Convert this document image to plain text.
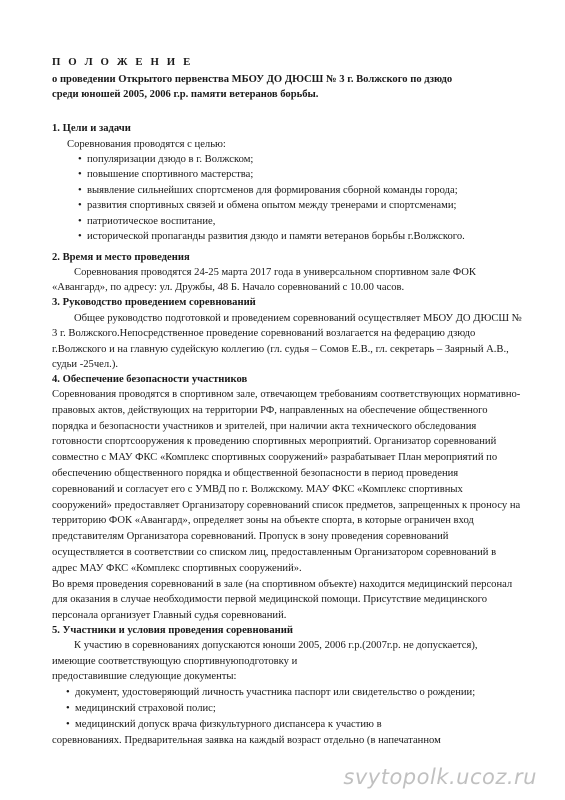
П О Л О Ж Е Н И Е

о проведении Открытого первенства МБОУ ДО ДЮСШ № 3 г. Волжского по дзюдо

среди юношей 2005, 2006 г.р. памяти ветеранов борьбы.

1. Цели и задачи

Соревнования проводятся с целью:

• популяризации дзюдо в г. Волжском;
• повышение спортивного мастерства;
• выявление сильнейших спортсменов для формирования сборной команды города;
• развития спортивных связей и обмена опытом между тренерами и спортсменами;
• патриотическое воспитание,
• исторической пропаганды развития дзюдо и памяти ветеранов борьбы г.Волжского.

2. Время и место проведения

Соревнования проводятся 24-25 марта 2017 года в универсальном спортивном зале ФОК «Авангард», по адресу: ул. Дружбы, 48 Б. Начало соревнований с 10.00 часов.

3. Руководство проведением соревнований

Общее руководство подготовкой и проведением соревнований осуществляет МБОУ ДО ДЮСШ № 3 г. Волжского.Непосредственное проведение соревнований возлагается на федерацию дзюдо г.Волжского и на главную судейскую коллегию (гл. судья – Сомов Е.В., гл. секретарь – Заярный А.В., судьи -25чел.).

4. Обеспечение безопасности участников

Соревнования проводятся в спортивном зале, отвечающем требованиям соответствующих нормативно-правовых актов, действующих на территории РФ, направленных на обеспечение общественного порядка и безопасности участников и зрителей, при наличии акта технического обследования готовности спортсооружения к проведению спортивных мероприятий. Организатор соревнований совместно с МАУ ФКС «Комплекс спортивных сооружений» разрабатывает План мероприятий по обеспечению общественного порядка и общественной безопасности в период проведения соревнований и согласует его с УМВД по г. Волжскому. МАУ ФКС «Комплекс спортивных сооружений» предоставляет Организатору соревнований список предметов, запрещенных к проносу на территорию ФОК «Авангард», определяет зоны на объекте спорта, в которые ограничен вход представителям Организатора соревнований. Пропуск в зону проведения соревнований осуществляется в соответствии со списком лиц, предоставленным Организатором соревнований в адрес МАУ ФКС «Комплекс спортивных сооружений».

Во время проведения соревнований в зале (на спортивном объекте) находится медицинский персонал для оказания в случае необходимости первой медицинской помощи. Присутствие медицинского персонала организует Главный судья соревнований.

5. Участники и условия проведения соревнований

К участию в соревнованиях допускаются юноши 2005, 2006 г.р.(2007г.р. не допускается), имеющие соответствующую спортивнуюподготовку и

предоставившие следующие документы:

• документ, удостоверяющий личность участника паспорт или свидетельство о рождении;
• медицинский страховой полис;
• медицинский допуск врача физкультурного диспансера к участию в

соревнованиях. Предварительная заявка на каждый возраст отдельно (в напечатанном

svytopolk.ucoz.ru
